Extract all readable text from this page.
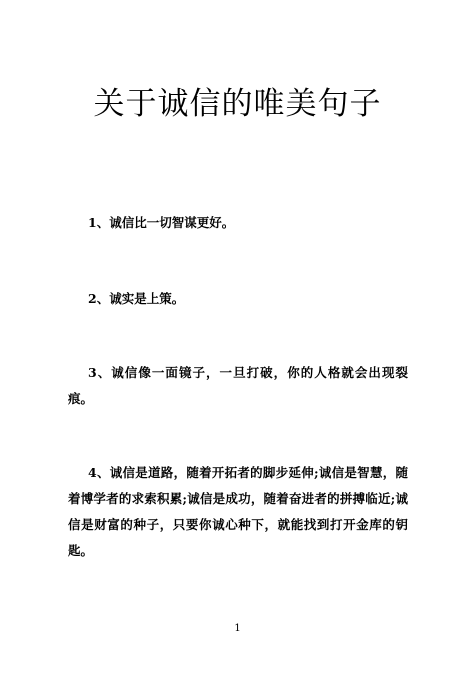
关于诚信的唯美句子

1、诚信比一切智谋更好。

2、诚实是上策。

3、诚信像一面镜子，一旦打破，你的人格就会出现裂痕。

4、诚信是道路，随着开拓者的脚步延伸;诚信是智慧，随着博学者的求索积累;诚信是成功，随着奋进者的拼搏临近;诚信是财富的种子，只要你诚心种下，就能找到打开金库的钥匙。

1
